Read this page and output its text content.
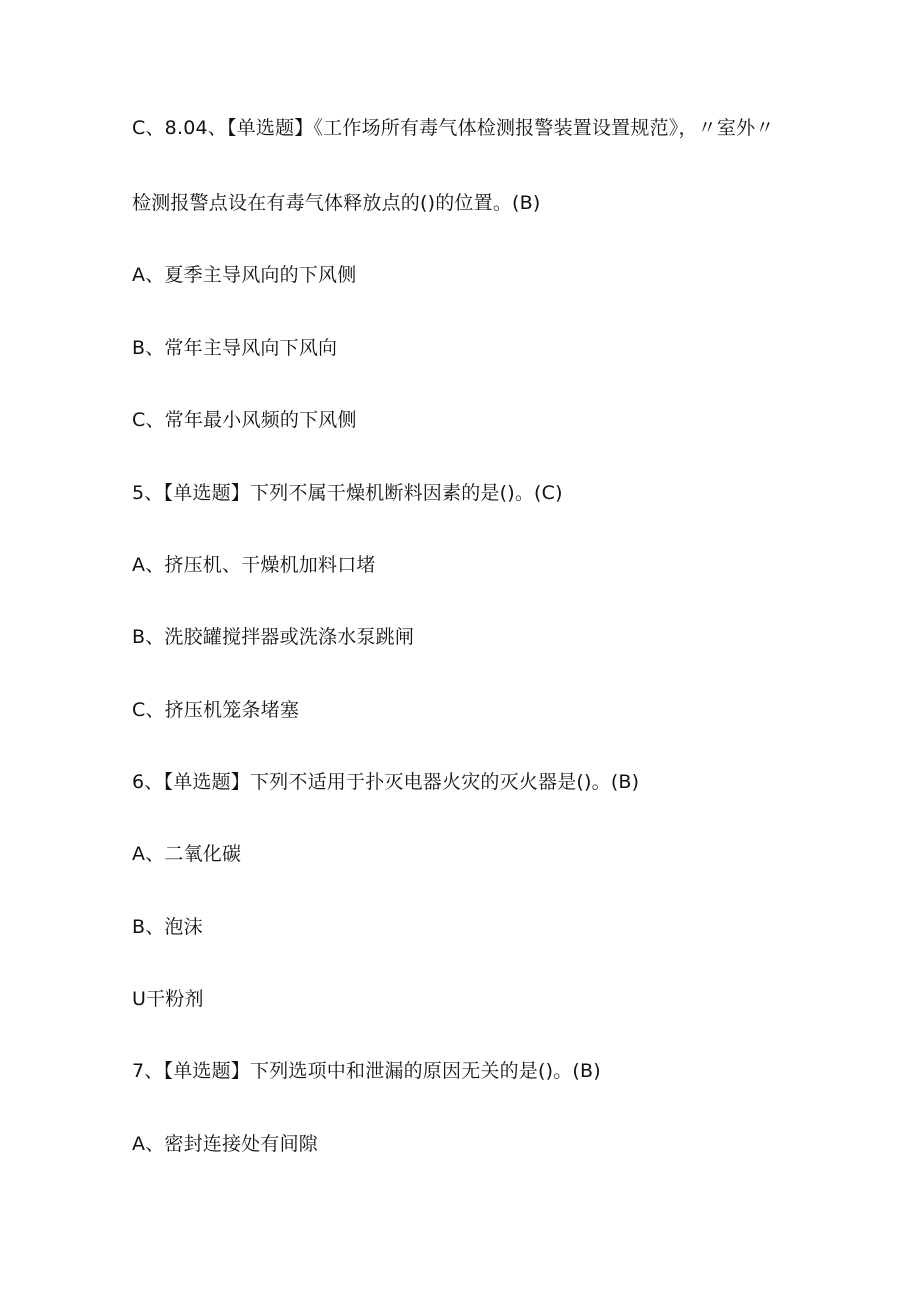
C、8.04、【单选题】《工作场所有毒气体检测报警装置设置规范》，〃室外〃
检测报警点设在有毒气体释放点的()的位置。(B)
A、夏季主导风向的下风侧
B、常年主导风向下风向
C、常年最小风频的下风侧
5、【单选题】下列不属干燥机断料因素的是()。(C)
A、挤压机、干燥机加料口堵
B、洗胶罐搅拌器或洗涤水泵跳闸
C、挤压机笼条堵塞
6、【单选题】下列不适用于扑灭电器火灾的灭火器是()。(B)
A、二氧化碳
B、泡沫
U干粉剂
7、【单选题】下列选项中和泄漏的原因无关的是()。(B)
A、密封连接处有间隙
